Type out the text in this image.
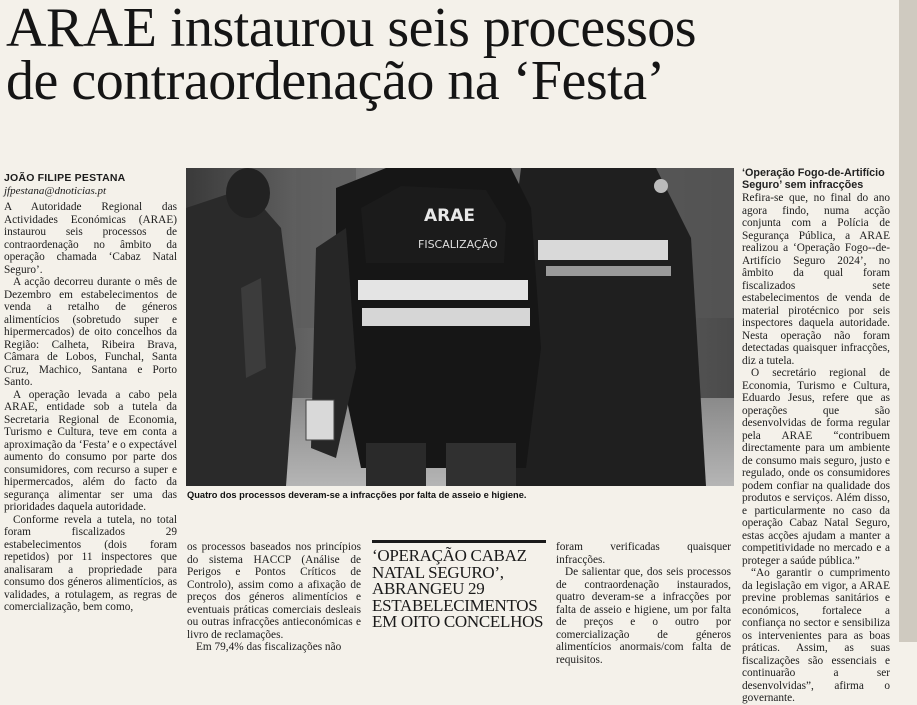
ARAE instaurou seis processos
de contraordenação na ‘Festa’
JOÃO FILIPE PESTANA
jfpestana@dnoticias.pt

A Autoridade Regional das Actividades Económicas (ARAE) instaurou seis processos de contraordenação no âmbito da operação chamada ‘Cabaz Natal Seguro’.

A acção decorreu durante o mês de Dezembro em estabelecimentos de venda a retalho de géneros alimentícios (sobretudo super e hipermercados) de oito concelhos da Região: Calheta, Ribeira Brava, Câmara de Lobos, Funchal, Santa Cruz, Machico, Santana e Porto Santo.

A operação levada a cabo pela ARAE, entidade sob a tutela da Secretaria Regional de Economia, Turismo e Cultura, teve em conta a aproximação da ‘Festa’ e o expectável aumento do consumo por parte dos consumidores, com recurso a super e hipermercados, além do facto da segurança alimentar ser uma das prioridades daquela autoridade.

Conforme revela a tutela, no total foram fiscalizados 29 estabelecimentos (dois foram repetidos) por 11 inspectores que analisaram a propriedade para consumo dos géneros alimentícios, as validades, a rotulagem, as regras de comercialização, bem como,

ARAE
FISCALIZAÇÃO
Quatro dos processos deveram-se a infracções por falta de asseio e higiene.

os processos baseados nos princípios do sistema HACCP (Análise de Perigos e Pontos Críticos de Controlo), assim como a afixação de preços dos géneros alimentícios e eventuais práticas comerciais desleais ou outras infracções antieconómicas e livro de reclamações.

Em 79,4% das fiscalizações não

‘OPERAÇÃO CABAZ NATAL SEGURO’, ABRANGEU 29 ESTABELECIMENTOS EM OITO CONCELHOS

foram verificadas quaisquer infracções.

De salientar que, dos seis processos de contraordenação instaurados, quatro deveram-se a infracções por falta de asseio e higiene, um por falta de preços e o outro por comercialização de géneros alimentícios anormais/com falta de requisitos.

‘Operação Fogo-de-Artifício Seguro’ sem infracções

Refira-se que, no final do ano agora findo, numa acção conjunta com a Polícia de Segurança Pública, a ARAE realizou a ‘Operação Fogo--de-Artifício Seguro 2024’, no âmbito da qual foram fiscalizados sete estabelecimentos de venda de material pirotécnico por seis inspectores daquela autoridade. Nesta operação não foram detectadas quaisquer infracções, diz a tutela.

O secretário regional de Economia, Turismo e Cultura, Eduardo Jesus, refere que as operações que são desenvolvidas de forma regular pela ARAE “contribuem directamente para um ambiente de consumo mais seguro, justo e regulado, onde os consumidores podem confiar na qualidade dos produtos e serviços. Além disso, e particularmente no caso da operação Cabaz Natal Seguro, estas acções ajudam a manter a competitividade no mercado e a proteger a saúde pública.”

“Ao garantir o cumprimento da legislação em vigor, a ARAE previne problemas sanitários e económicos, fortalece a confiança no sector e sensibiliza os intervenientes para as boas práticas. Assim, as suas fiscalizações são essenciais e continuarão a ser desenvolvidas”, afirma o governante.
